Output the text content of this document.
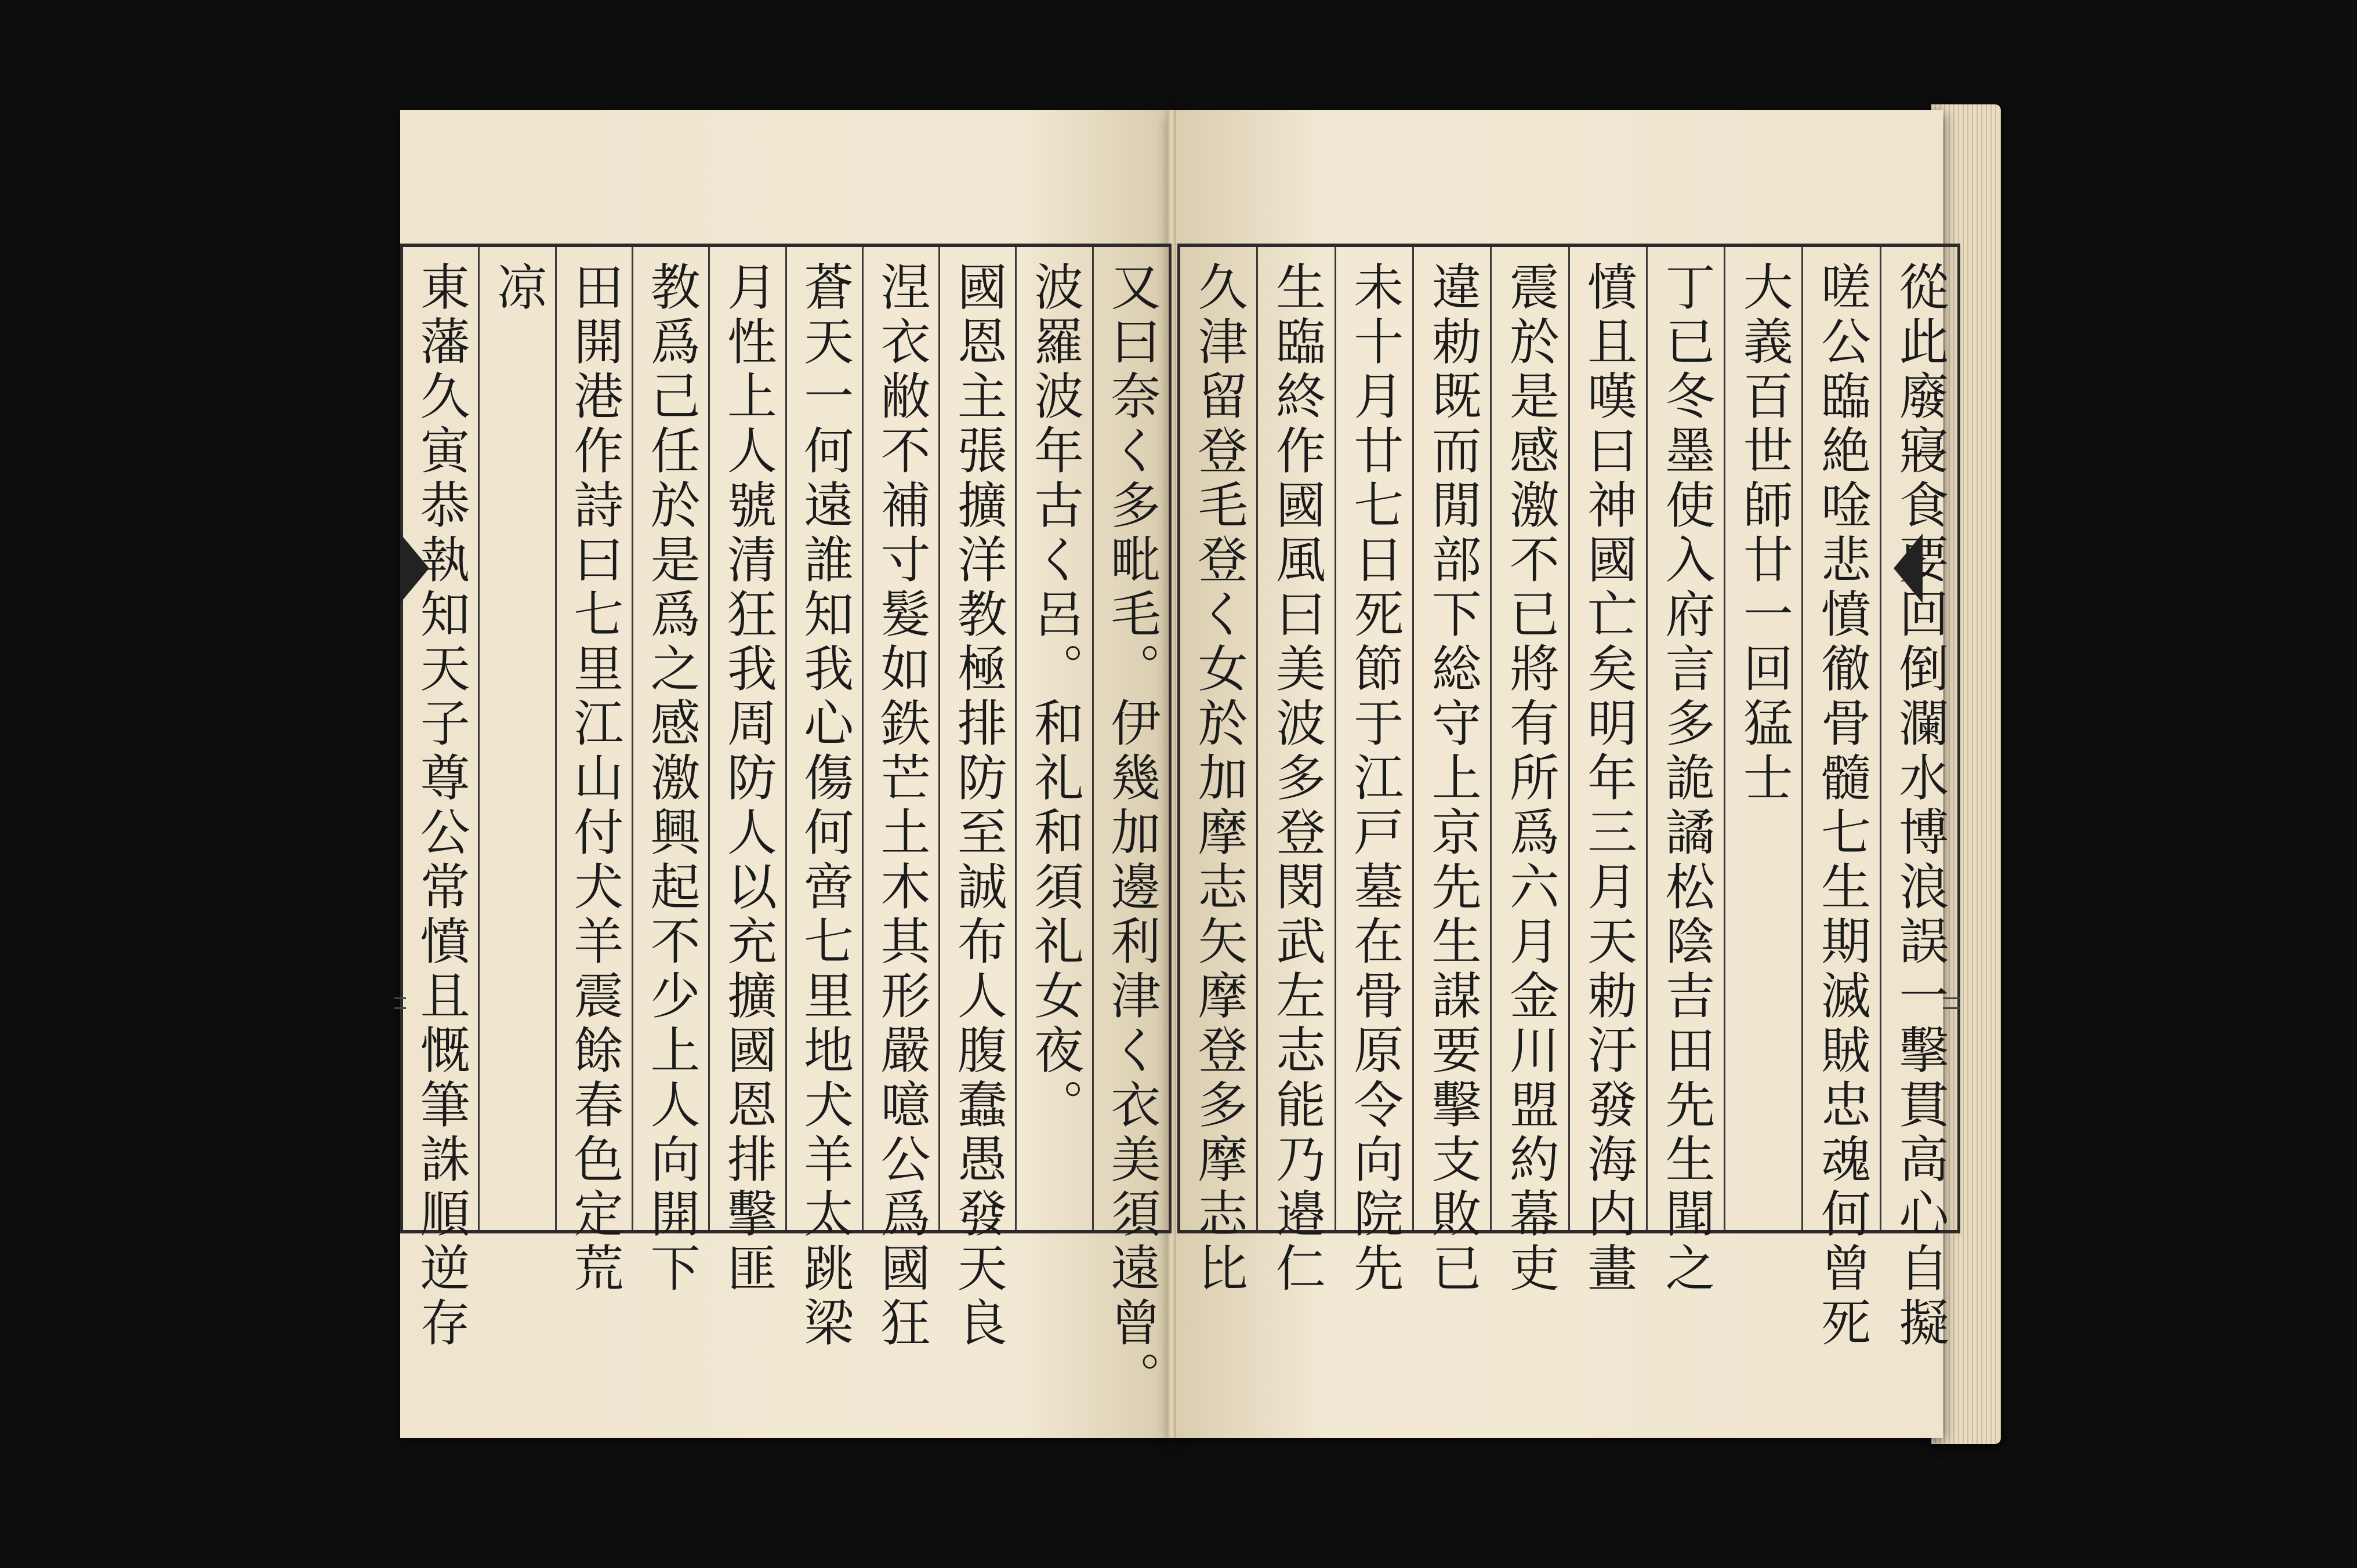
又曰奈く多毗毛。伊幾加邊利津く衣美須遠曾。
波羅波年古く呂。和礼和須礼女夜。
國恩主張擴洋教極排防至誠布人腹蠢愚發天良
涅衣敝不補寸髮如鉄芒土木其形嚴噫公爲國狂
蒼天一何遠誰知我心傷何啻七里地犬羊太跳梁
月性上人號清狂我周防人以充擴國恩排擊匪
教爲己任於是爲之感激興起不少上人向開下
田開港作詩曰七里江山付犬羊震餘春色定荒
凉
東藩久寅恭執知天子尊公常憤且慨筆誅順逆存	從此廢寢食要回倒瀾水博浪誤一擊貫高心自擬
嗟公臨絶唫悲憤徹骨髓七生期滅賊忠魂何曾死
大義百世師廿一回猛士
丁已冬墨使入府言多詭譎松陰吉田先生聞之
憤且嘆曰神國亡矣明年三月天勅汙發海内畫
震於是感激不已將有所爲六月金川盟約幕吏
違勅既而閒部下総守上京先生謀要擊支敗已
未十月廿七日死節于江戸墓在骨原令向院先
生臨終作國風曰美波多登閔武左志能乃邉仁
久津留登毛登く女於加摩志矢摩登多摩志比
